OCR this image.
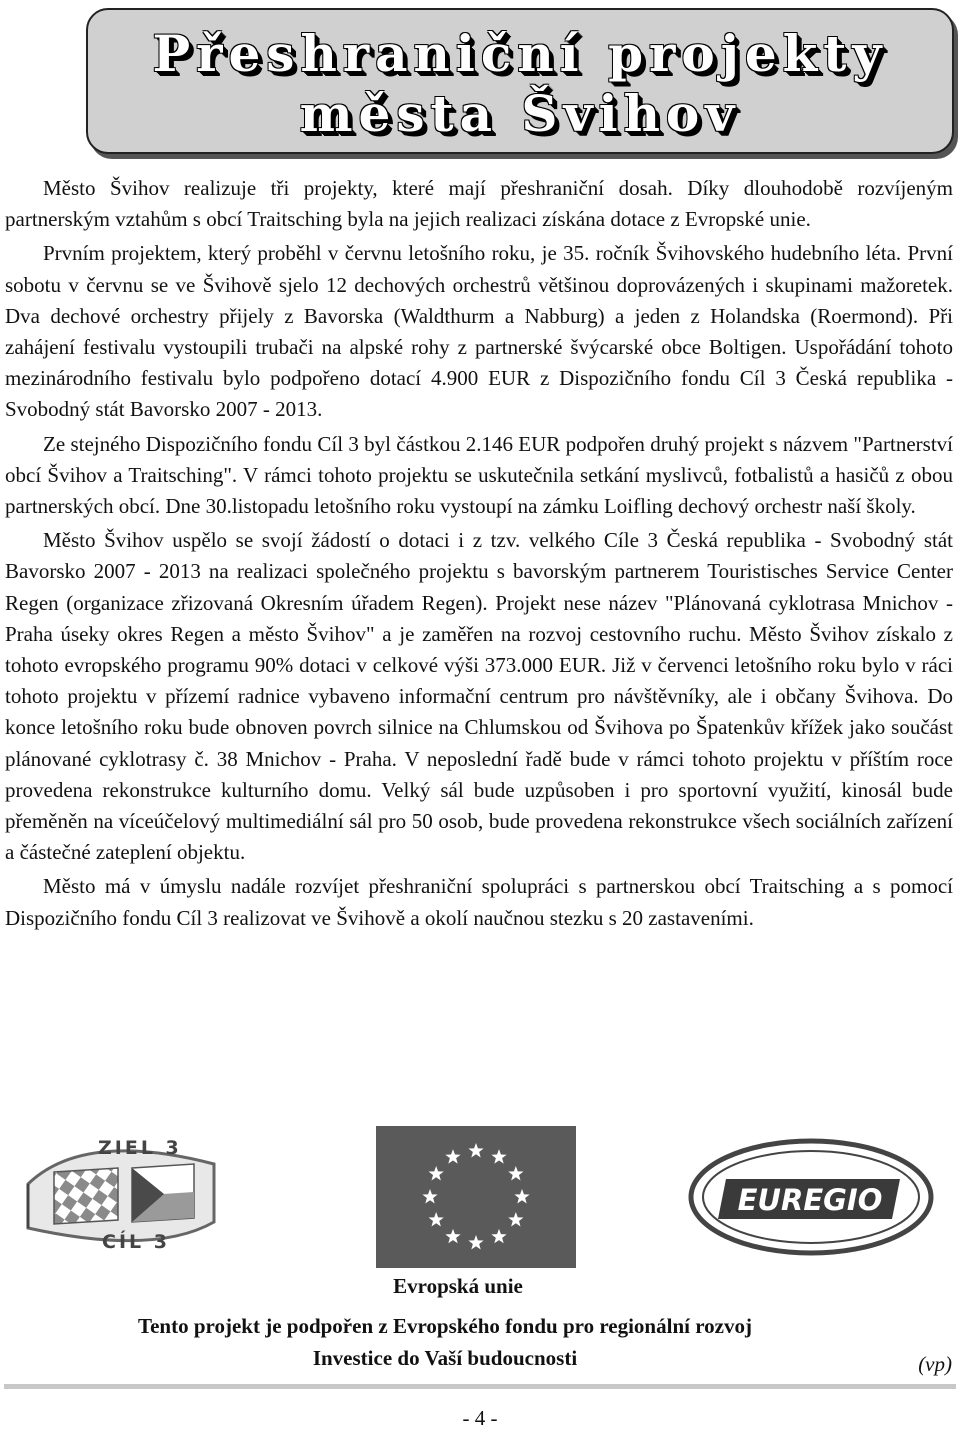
Přeshraniční projekty
města Švihov

Město Švihov realizuje tři projekty, které mají přeshraniční dosah. Díky dlouhodobě rozvíjeným partnerským vztahům s obcí Traitsching byla na jejich realizaci získána dotace z Evropské unie.

Prvním projektem, který proběhl v červnu letošního roku, je 35. ročník Švihovského hudebního léta. První sobotu v červnu se ve Švihově sjelo 12 dechových orchestrů většinou doprovázených i skupinami mažoretek. Dva dechové orchestry přijely z Bavorska (Waldthurm a Nabburg) a jeden z Holandska (Roermond). Při zahájení festivalu vystoupili trubači na alpské rohy z partnerské švýcarské obce Boltigen. Uspořádání tohoto mezinárodního festivalu bylo podpořeno dotací 4.900 EUR z Dispozičního fondu Cíl 3 Česká republika - Svobodný stát Bavorsko 2007 - 2013.

Ze stejného Dispozičního fondu Cíl 3 byl částkou 2.146 EUR podpořen druhý projekt s názvem "Partnerství obcí Švihov a Traitsching". V rámci tohoto projektu se uskutečnila setkání myslivců, fotbalistů a hasičů z obou partnerských obcí. Dne 30.listopadu letošního roku vystoupí na zámku Loifling dechový orchestr naší školy.

Město Švihov uspělo se svojí žádostí o dotaci i z tzv. velkého Cíle 3 Česká republika - Svobodný stát Bavorsko 2007 - 2013 na realizaci společného projektu s bavorským partnerem Touristisches Service Center Regen (organizace zřizovaná Okresním úřadem Regen). Projekt nese název "Plánovaná cyklotrasa Mnichov - Praha úseky okres Regen a město Švihov" a je zaměřen na rozvoj cestovního ruchu. Město Švihov získalo z tohoto evropského programu 90% dotaci v celkové výši 373.000 EUR. Již v červenci letošního roku bylo v ráci tohoto projektu v přízemí radnice vybaveno informační centrum pro návštěvníky, ale i občany Švihova. Do konce letošního roku bude obnoven povrch silnice na Chlumskou od Švihova po Špatenkův křížek jako součást plánované cyklotrasy č. 38 Mnichov - Praha. V neposlední řadě bude v rámci tohoto projektu v příštím roce provedena rekonstrukce kulturního domu. Velký sál bude uzpůsoben i pro sportovní využití, kinosál bude přeměněn na víceúčelový multimediální sál pro 50 osob, bude provedena rekonstrukce všech sociálních zařízení a částečné zateplení objektu.

Město má v úmyslu nadále rozvíjet přeshraniční spolupráci s partnerskou obcí Traitsching a s pomocí Dispozičního fondu Cíl 3 realizovat ve Švihově a okolí naučnou stezku s 20 zastaveními.

ZIEL 3
CÍL 3
EUREGIO
Evropská unie
Tento projekt je podpořen z Evropského fondu pro regionální rozvoj
Investice do Vaší budoucnosti	(vp)
- 4 -
